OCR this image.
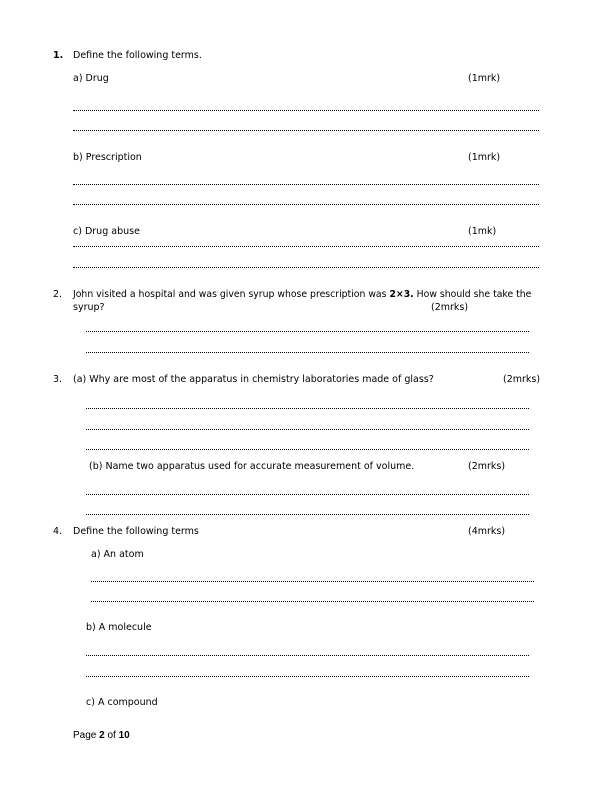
1. Define the following terms.
a) Drug	(1mrk)
b) Prescription	(1mrk)
c) Drug abuse	(1mk)
2. John visited a hospital and was given syrup whose prescription was 2×3. How should she take the
syrup?	(2mrks)
3. (a) Why are most of the apparatus in chemistry laboratories made of glass?	(2mrks)
(b) Name two apparatus used for accurate measurement of volume.	(2mrks)
4. Define the following terms	(4mrks)
a) An atom
b) A molecule
c) A compound
Page 2 of 10
